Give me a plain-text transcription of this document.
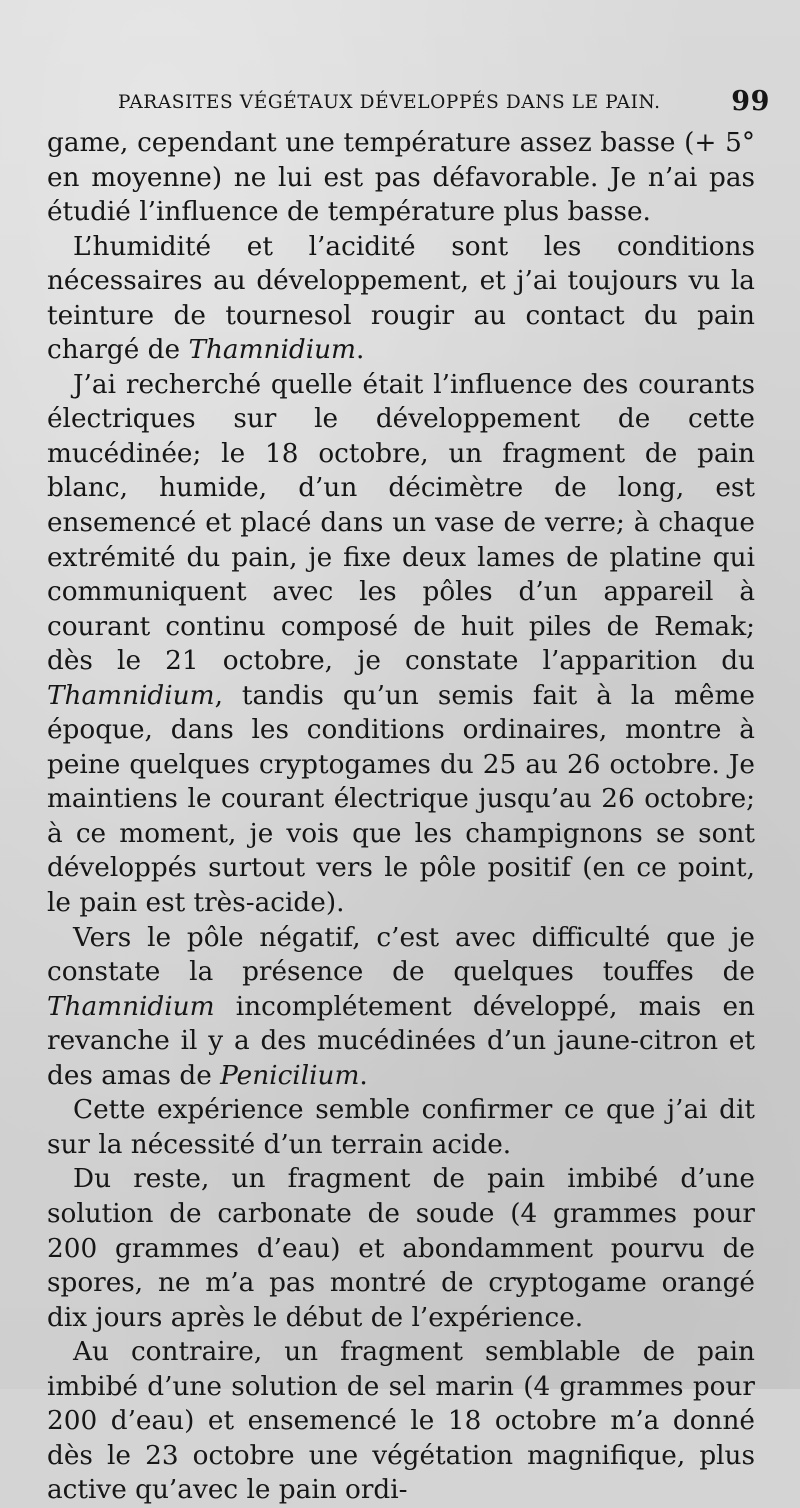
PARASITES VÉGÉTAUX DÉVELOPPÉS DANS LE PAIN.	99

game, cependant une température assez basse (+ 5° en moyenne) ne lui est pas défavorable. Je n’ai pas étudié l’influence de température plus basse.

L’humidité et l’acidité sont les conditions nécessaires au développement, et j’ai toujours vu la teinture de tournesol rougir au contact du pain chargé de Thamnidium.

J’ai recherché quelle était l’influence des courants électriques sur le développement de cette mucédinée; le 18 octobre, un fragment de pain blanc, humide, d’un décimètre de long, est ensemencé et placé dans un vase de verre; à chaque extrémité du pain, je fixe deux lames de platine qui communiquent avec les pôles d’un appareil à courant continu composé de huit piles de Remak; dès le 21 octobre, je constate l’apparition du Thamnidium, tandis qu’un semis fait à la même époque, dans les conditions ordinaires, montre à peine quelques cryptogames du 25 au 26 octobre. Je maintiens le courant électrique jusqu’au 26 octobre; à ce moment, je vois que les champignons se sont développés surtout vers le pôle positif (en ce point, le pain est très-acide).

Vers le pôle négatif, c’est avec difficulté que je constate la présence de quelques touffes de Thamnidium incomplétement développé, mais en revanche il y a des mucédinées d’un jaune-citron et des amas de Penicilium.

Cette expérience semble confirmer ce que j’ai dit sur la nécessité d’un terrain acide.

Du reste, un fragment de pain imbibé d’une solution de carbonate de soude (4 grammes pour 200 grammes d’eau) et abondamment pourvu de spores, ne m’a pas montré de cryptogame orangé dix jours après le début de l’expérience.

Au contraire, un fragment semblable de pain imbibé d’une solution de sel marin (4 grammes pour 200 d’eau) et ensemencé le 18 octobre m’a donné dès le 23 octobre une végétation magnifique, plus active qu’avec le pain ordi-
